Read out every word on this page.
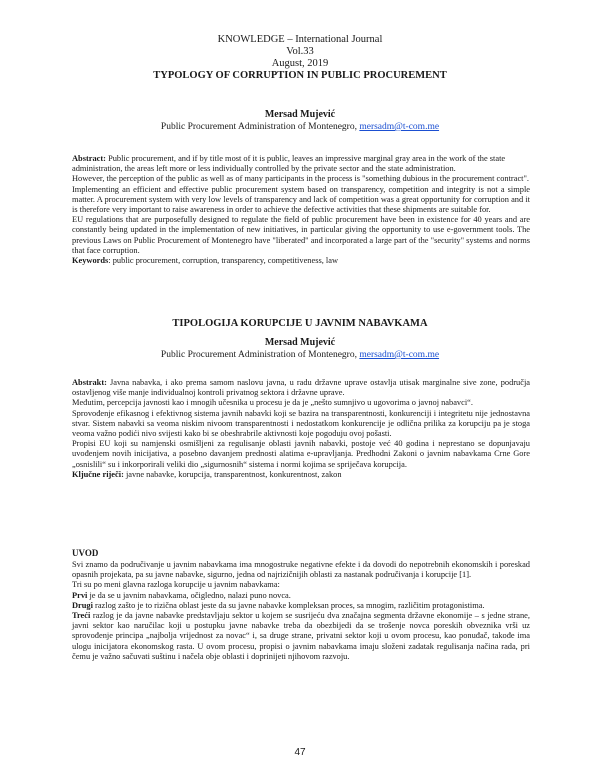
KNOWLEDGE – International Journal
Vol.33
August, 2019
TYPOLOGY OF CORRUPTION IN PUBLIC PROCUREMENT
Mersad Mujević
Public Procurement Administration of Montenegro, mersadm@t-com.me

Abstract: Public procurement, and if by title most of it is public, leaves an impressive marginal gray area in the work of the state administration, the areas left more or less individually controlled by the private sector and the state administration.

However, the perception of the public as well as of many participants in the process is "something dubious in the procurement contract".

Implementing an efficient and effective public procurement system based on transparency, competition and integrity is not a simple matter. A procurement system with very low levels of transparency and lack of competition was a great opportunity for corruption and it is therefore very important to raise awareness in order to achieve the defective activities that these shipments are suitable for.

EU regulations that are purposefully designed to regulate the field of public procurement have been in existence for 40 years and are constantly being updated in the implementation of new initiatives, in particular giving the opportunity to use e-government tools. The previous Laws on Public Procurement of Montenegro have "liberated" and incorporated a large part of the "security" systems and norms that face corruption.

Keywords: public procurement, corruption, transparency, competitiveness, law

TIPOLOGIJA KORUPCIJE U JAVNIM NABAVKAMA
Mersad Mujević
Public Procurement Administration of Montenegro, mersadm@t-com.me

Abstrakt: Javna nabavka, i ako prema samom naslovu javna, u radu državne uprave ostavlja utisak marginalne sive zone, područja ostavljenog više manje individualnoj kontroli privatnog sektora i državne uprave.

Međutim, percepcija javnosti kao i mnogih učesnika u procesu je da je „nešto sumnjivo u ugovorima o javnoj nabavci“.

Sprovođenje efikasnog i efektivnog sistema javnih nabavki koji se bazira na transparentnosti, konkurenciji i integritetu nije jednostavna stvar. Sistem nabavki sa veoma niskim nivoom transparentnosti i nedostatkom konkurencije je odlična prilika za korupciju pa je stoga veoma važno podići nivo svijesti kako bi se obeshrabrile aktivnosti koje pogoduju ovoj pošasti.

Propisi EU koji su namjenski osmišljeni za regulisanje oblasti javnih nabavki, postoje već 40 godina i neprestano se dopunjavaju uvođenjem novih inicijativa, a posebno davanjem prednosti alatima e-upravljanja. Predhodni Zakoni o javnim nabavkama Crne Gore „osnislili“ su i inkorporirali veliki dio „sigurnosnih“ sistema i normi kojima se spriječava korupcija.

Ključne riječi: javne nabavke, korupcija, transparentnost, konkurentnost, zakon

UVOD

Svi znamo da područivanje u javnim nabavkama ima mnogostruke negativne efekte i da dovodi do nepotrebnih ekonomskih i poreskad opasnih projekata, pa su javne nabavke, sigurno, jedna od najrizičnijih oblasti za nastanak područivanja i korupcije [1].

Tri su po meni glavna razloga korupcije u javnim nabavkama:

Prvi je da se u javnim nabavkama, očigledno, nalazi puno novca.

Drugi razlog zašto je to rizična oblast jeste da su javne nabavke kompleksan proces, sa mnogim, različitim protagonistima.

Treći razlog je da javne nabavke predstavljaju sektor u kojem se susrijeću dva značajna segmenta državne ekonomije – s jedne strane, javni sektor kao naručilac koji u postupku javne nabavke treba da obezbijedi da se trošenje novca poreskih obveznika vrši uz sprovođenje principa „najbolja vrijednost za novac“ i, sa druge strane, privatni sektor koji u ovom procesu, kao ponuđač, takođe ima ulogu inicijatora ekonomskog rasta. U ovom procesu, propisi o javnim nabavkama imaju složeni zadatak regulisanja načina rada, pri čemu je važno sačuvati suštinu i načela obje oblasti i doprinijeti njihovom razvoju.

47
